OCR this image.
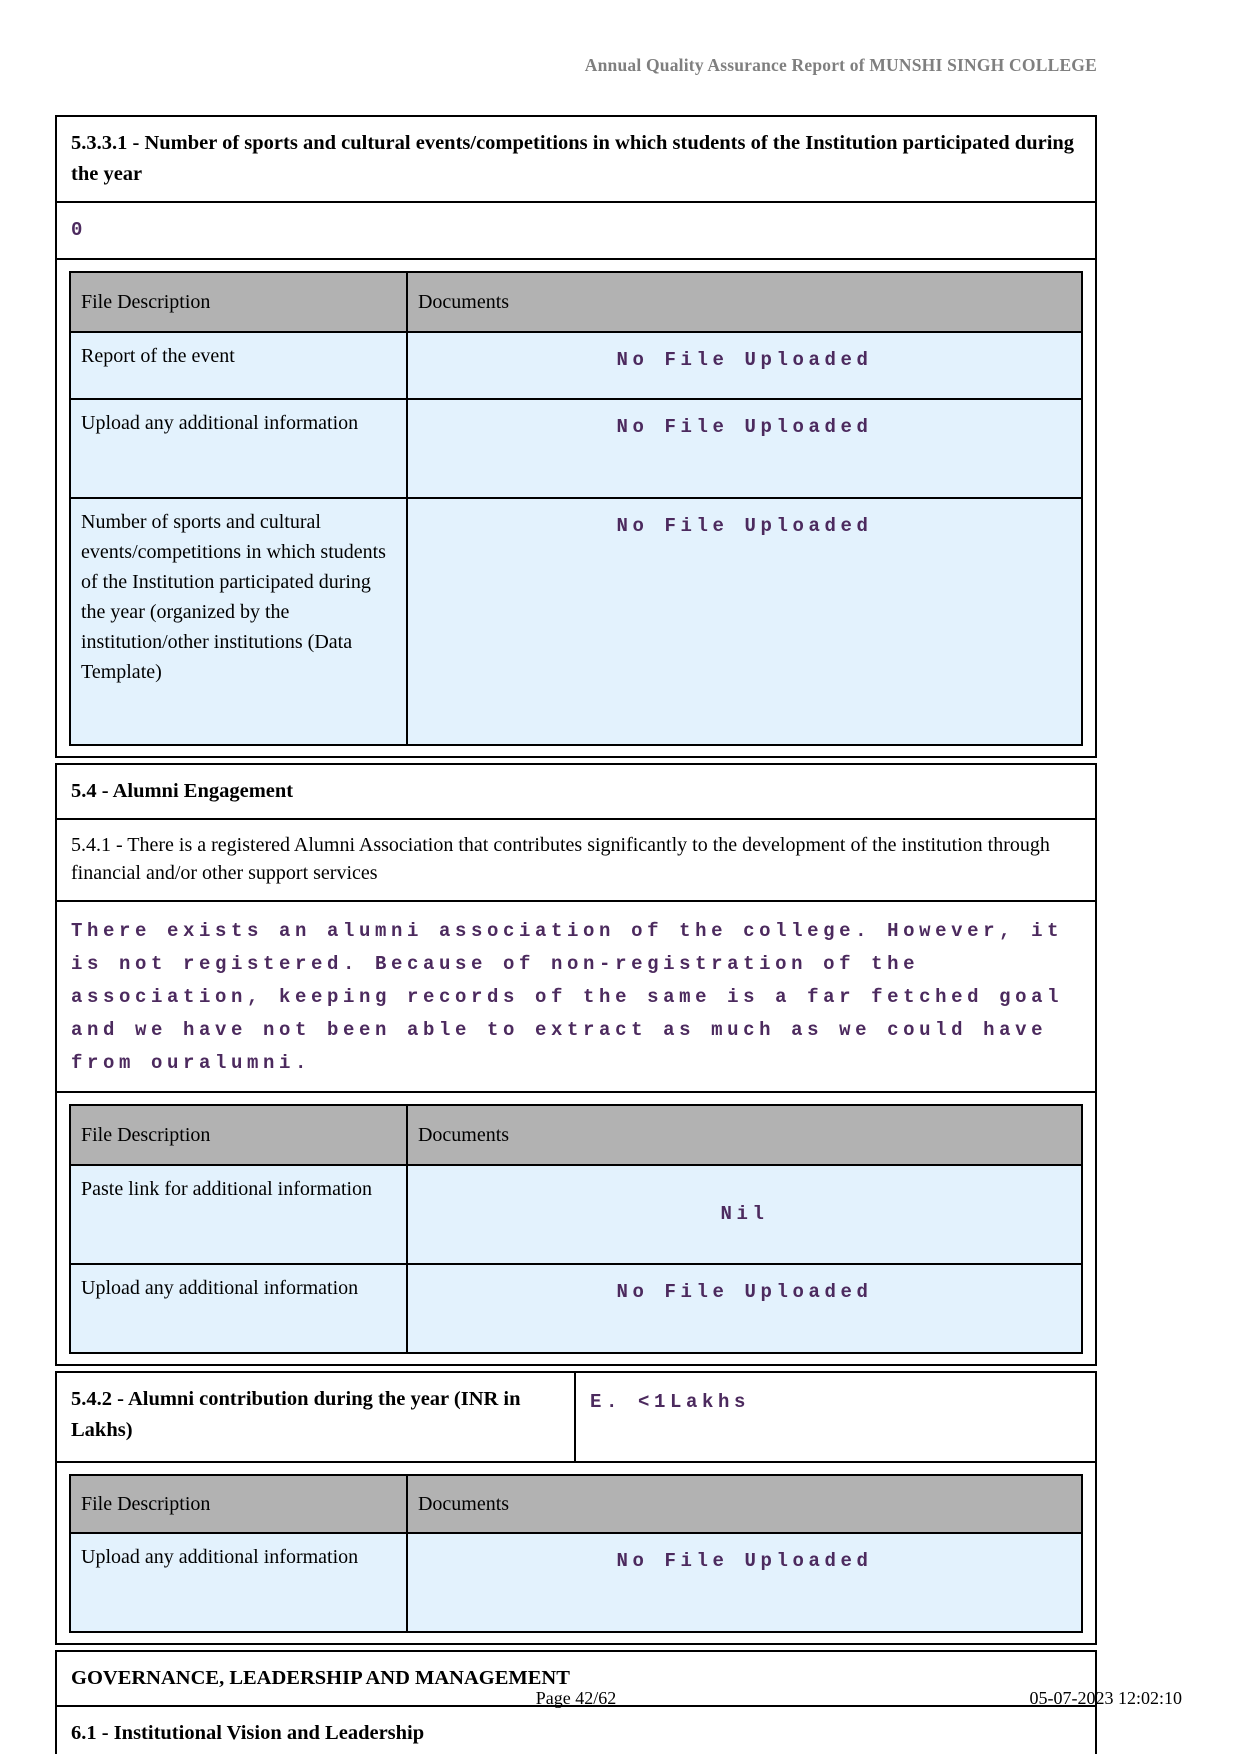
Annual Quality Assurance Report of MUNSHI SINGH COLLEGE

5.3.3.1 - Number of sports and cultural events/competitions in which students of the Institution participated during the year

0

File Description	Documents
Report of the event	No File Uploaded
Upload any additional information	No File Uploaded
Number of sports and cultural events/competitions in which students of the Institution participated during the year (organized by the institution/other institutions (Data Template)	No File Uploaded

5.4 - Alumni Engagement

5.4.1 - There is a registered Alumni Association that contributes significantly to the development of the institution through financial and/or other support services

There exists an alumni association of the college. However, it is not registered. Because of non-registration of the association, keeping records of the same is a far fetched goal and we have not been able to extract as much as we could have from ouralumni.

File Description	Documents
Paste link for additional information	Nil
Upload any additional information	No File Uploaded

5.4.2 - Alumni contribution during the year (INR in Lakhs)

E. <1Lakhs

File Description	Documents
Upload any additional information	No File Uploaded

GOVERNANCE, LEADERSHIP AND MANAGEMENT

6.1 - Institutional Vision and Leadership

Page 42/62	05-07-2023 12:02:10
